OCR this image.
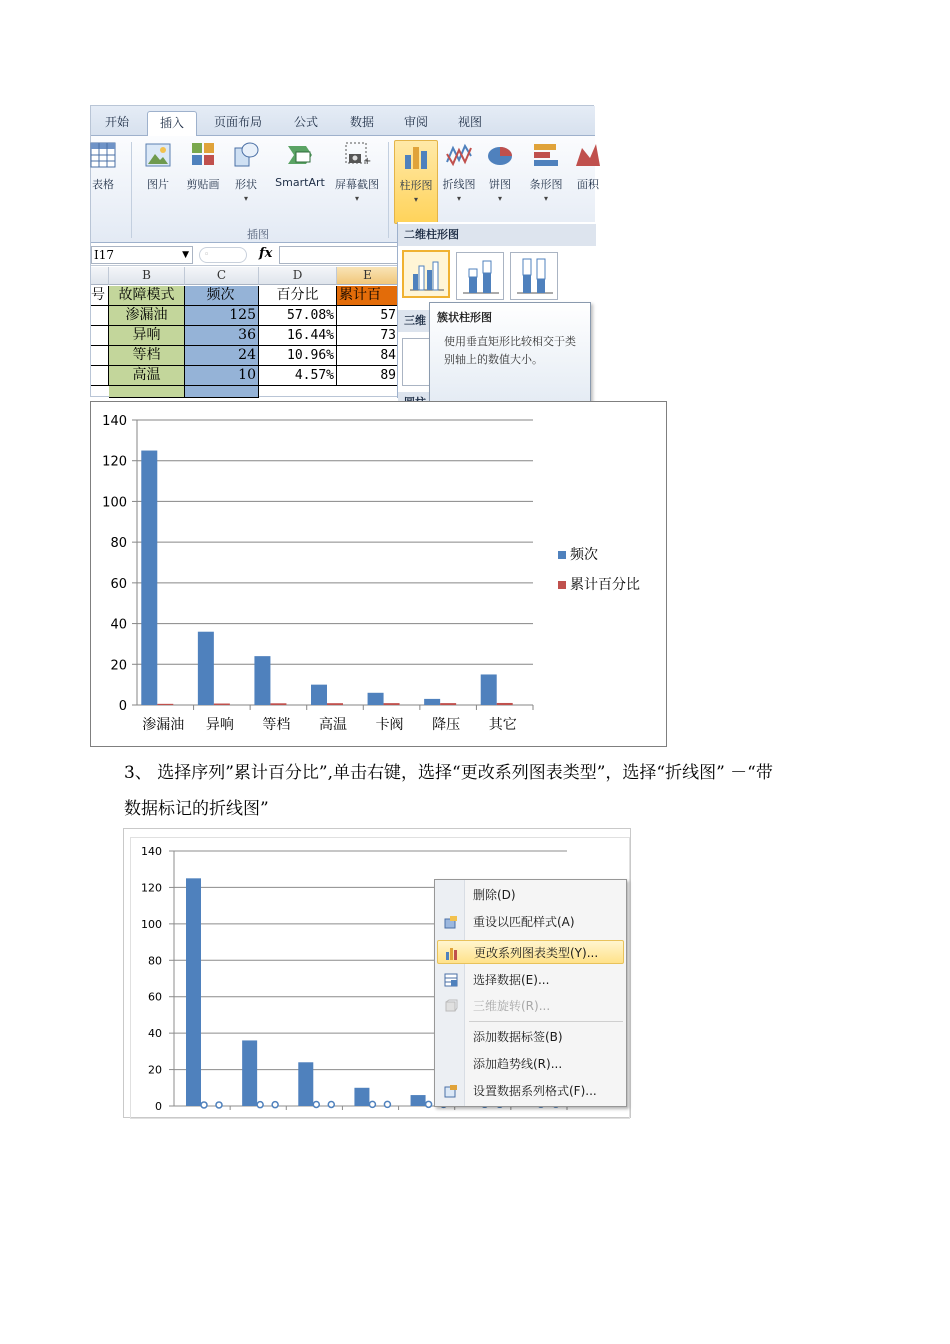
开始	插入	页面布局	公式	数据	审阅	视图
表格	图片	剪贴画	形状
▾
SmartArt
+
屏幕截图
▾
插图
柱形图
▾
折线图
▾
饼图
▾
条形图
▾
面积
I17	▼	◦	fx
B	C	D	E
号 故障模式	频次	百分比	累计百
渗漏油	125	57.08%	57
异响	36	16.44%	73
等档	24	10.96%	84
高温	10	4.57%	89
二维柱形图
三维	簇状柱形图
使用垂直矩形比较相交于类别轴上的数值大小。
0
20
40
60
80
100
120
140
渗漏油 异响 等档 高温 卡阀 降压 其它
频次
累计百分比
3、 选择序列”累计百分比”,单击右键，选择“更改系列图表类型”，选择“折线图” －“带
数据标记的折线图”
0
20
40
60
80
100
120
140
删除(D)
重设以匹配样式(A)
更改系列图表类型(Y)...
选择数据(E)...
三维旋转(R)...
添加数据标签(B)
添加趋势线(R)...
设置数据系列格式(F)...
